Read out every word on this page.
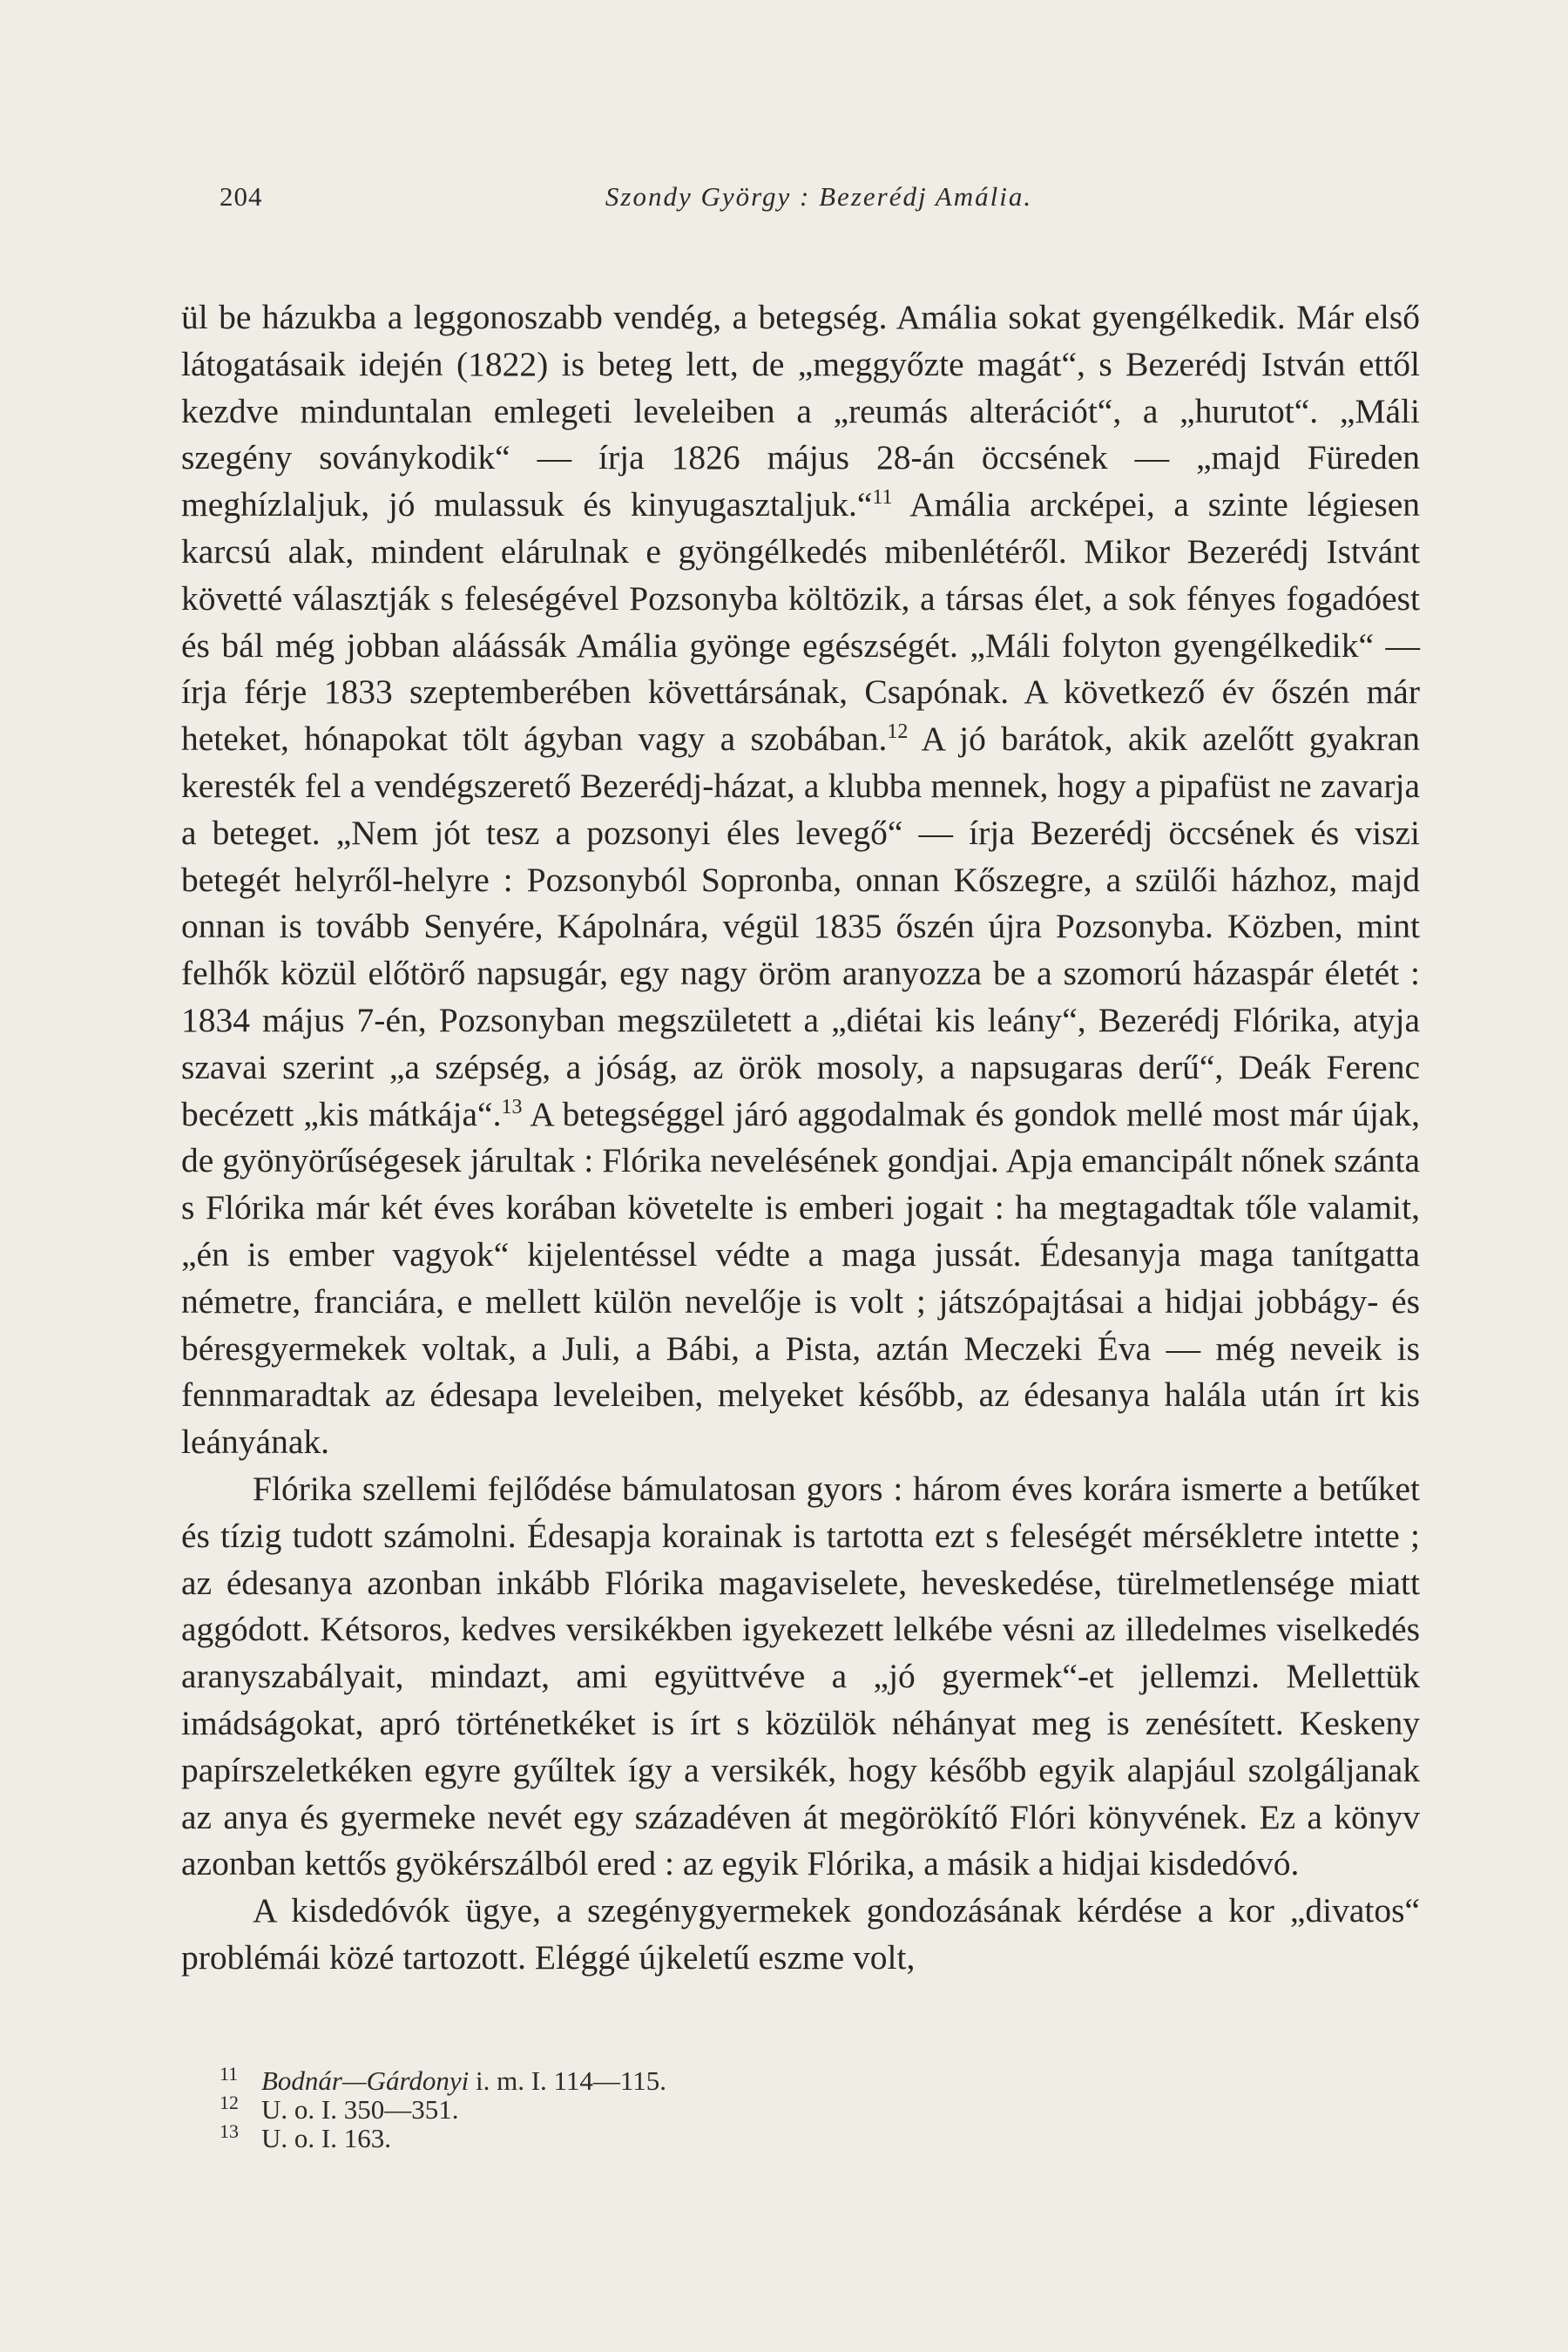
204	Szondy György : Bezerédj Amália.

ül be házukba a leggonoszabb vendég, a betegség. Amália sokat gyengélkedik. Már első látogatásaik idején (1822) is beteg lett, de „meggyőzte magát“, s Bezerédj István ettől kezdve minduntalan emlegeti leveleiben a „reumás alterációt“, a „hurutot“. „Máli szegény soványkodik“ — írja 1826 május 28-án öccsének — „majd Füreden meghízlaljuk, jó mulassuk és kinyugasztaljuk.“$^{11}$ Amália arcképei, a szinte légiesen karcsú alak, mindent elárulnak e gyöngélkedés mibenlétéről. Mikor Bezerédj Istvánt követté választják s feleségével Pozsonyba költözik, a társas élet, a sok fényes fogadóest és bál még jobban aláássák Amália gyönge egészségét. „Máli folyton gyengélkedik“ — írja férje 1833 szeptemberében követtársának, Csapónak. A következő év őszén már heteket, hónapokat tölt ágyban vagy a szobában.$^{12}$ A jó barátok, akik azelőtt gyakran keresték fel a vendégszerető Bezerédj-házat, a klubba mennek, hogy a pipafüst ne zavarja a beteget. „Nem jót tesz a pozsonyi éles levegő“ — írja Bezerédj öccsének és viszi betegét helyről-helyre : Pozsonyból Sopronba, onnan Kőszegre, a szülői házhoz, majd onnan is tovább Senyére, Kápolnára, végül 1835 őszén újra Pozsonyba. Közben, mint felhők közül előtörő napsugár, egy nagy öröm aranyozza be a szomorú házaspár életét : 1834 május 7-én, Pozsonyban megszületett a „diétai kis leány“, Bezerédj Flórika, atyja szavai szerint „a szépség, a jóság, az örök mosoly, a napsugaras derű“, Deák Ferenc becézett „kis mátkája“.$^{13}$ A betegséggel járó aggodalmak és gondok mellé most már újak, de gyönyörűségesek járultak : Flórika nevelésének gondjai. Apja emancipált nőnek szánta s Flórika már két éves korában követelte is emberi jogait : ha megtagadtak tőle valamit, „én is ember vagyok“ kijelentéssel védte a maga jussát. Édesanyja maga tanítgatta németre, franciára, e mellett külön nevelője is volt ; játszópajtásai a hidjai jobbágy- és béresgyermekek voltak, a Juli, a Bábi, a Pista, aztán Meczeki Éva — még neveik is fennmaradtak az édesapa leveleiben, melyeket később, az édesanya halála után írt kis leányának.

Flórika szellemi fejlődése bámulatosan gyors : három éves korára ismerte a betűket és tízig tudott számolni. Édesapja korainak is tartotta ezt s feleségét mérsékletre intette ; az édesanya azonban inkább Flórika magaviselete, heveskedése, türelmetlensége miatt aggódott. Kétsoros, kedves versikékben igyekezett lelkébe vésni az illedelmes viselkedés aranyszabályait, mindazt, ami együttvéve a „jó gyermek“-et jellemzi. Mellettük imádságokat, apró történetkéket is írt s közülök néhányat meg is zenésített. Keskeny papírszeletkéken egyre gyűltek így a versikék, hogy később egyik alapjául szolgáljanak az anya és gyermeke nevét egy századéven át megörökítő Flóri könyvének. Ez a könyv azonban kettős gyökérszálból ered : az egyik Flórika, a másik a hidjai kisdedóvó.

A kisdedóvók ügye, a szegénygyermekek gondozásának kérdése a kor „divatos“ problémái közé tartozott. Eléggé újkeletű eszme volt,

11 Bodnár—Gárdonyi i. m. I. 114—115.
12 U. o. I. 350—351.
13 U. o. I. 163.
